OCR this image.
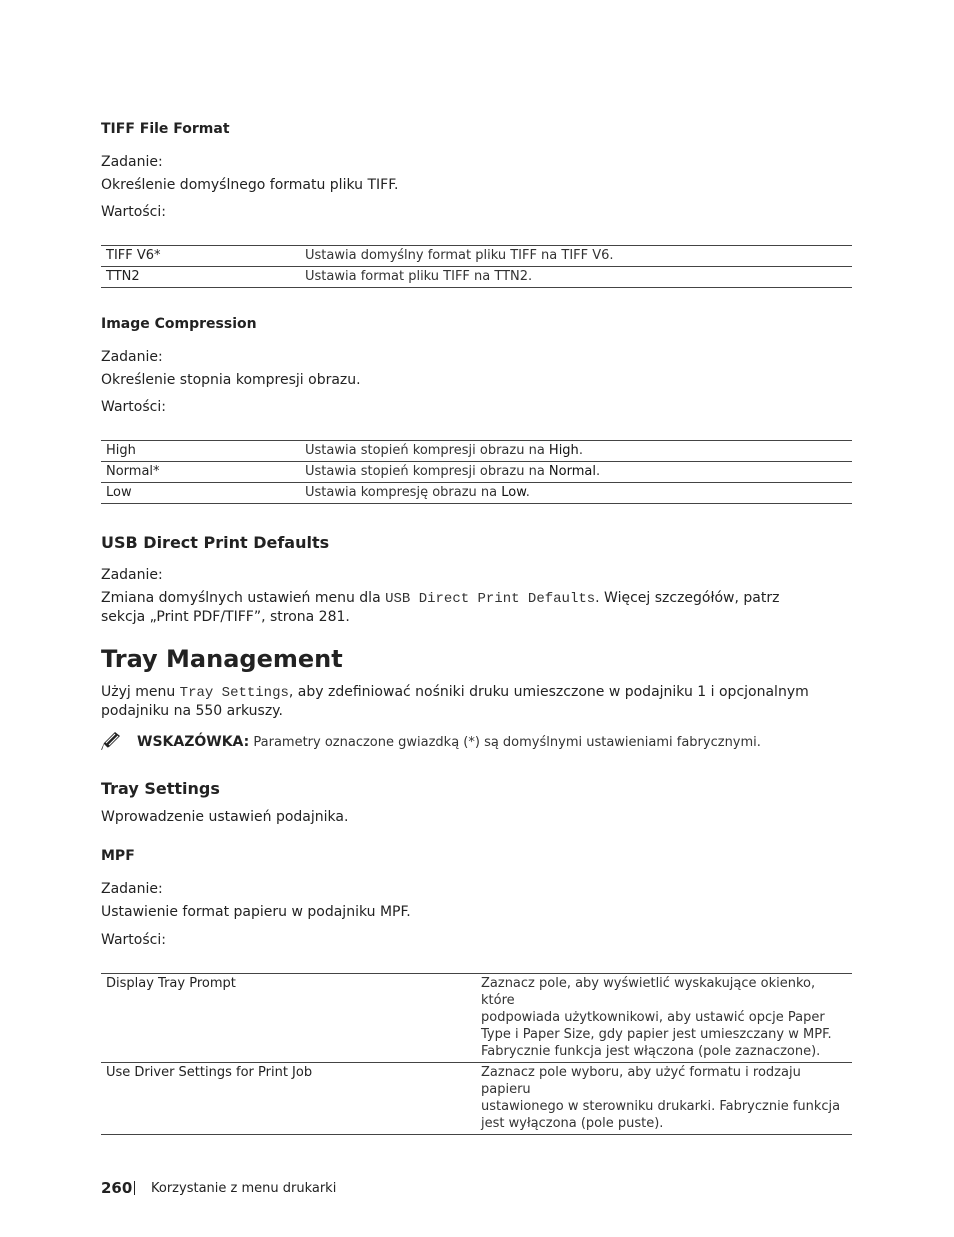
TIFF File Format
Zadanie:
Określenie domyślnego formatu pliku TIFF.
Wartości:
TIFF V6*	Ustawia domyślny format pliku TIFF na TIFF V6.
TTN2	Ustawia format pliku TIFF na TTN2.
Image Compression
Zadanie:
Określenie stopnia kompresji obrazu.
Wartości:
High	Ustawia stopień kompresji obrazu na High.
Normal*	Ustawia stopień kompresji obrazu na Normal.
Low	Ustawia kompresję obrazu na Low.
USB Direct Print Defaults
Zadanie:
Zmiana domyślnych ustawień menu dla USB Direct Print Defaults. Więcej szczegółów, patrz
sekcja „Print PDF/TIFF”, strona 281.
Tray Management
Użyj menu Tray Settings, aby zdefiniować nośniki druku umieszczone w podajniku 1 i opcjonalnym
podajniku na 550 arkuszy.
WSKAZÓWKA: Parametry oznaczone gwiazdką (*) są domyślnymi ustawieniami fabrycznymi.
Tray Settings
Wprowadzenie ustawień podajnika.
MPF
Zadanie:
Ustawienie format papieru w podajniku MPF.
Wartości:
Display Tray Prompt	Zaznacz pole, aby wyświetlić wyskakujące okienko, które
podpowiada użytkownikowi, aby ustawić opcje Paper
Type i Paper Size, gdy papier jest umieszczany w MPF.
Fabrycznie funkcja jest włączona (pole zaznaczone).

Use Driver Settings for Print Job	Zaznacz pole wyboru, aby użyć formatu i rodzaju papieru
ustawionego w sterowniku drukarki. Fabrycznie funkcja
jest wyłączona (pole puste).
260 Korzystanie z menu drukarki
